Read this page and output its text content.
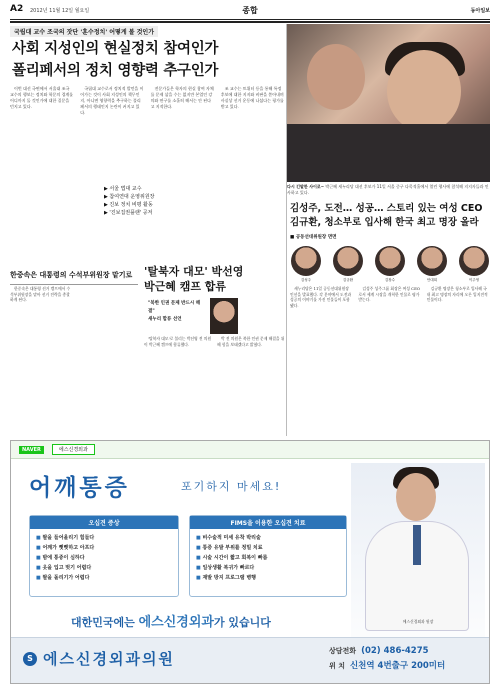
A2 2012년 11월 12일 월요일	종합	동아일보
국립대 교수 조국의 잣단 '훈수정치' 어떻게 볼 것인가
사회 지성인의 현실정치 참여인가
폴리페서의 정치 영향력 추구인가

이번 대선 국면에서 서울대 조국 교수의 행보는 정치와 학문의 경계를 어디까지 둘 것인가에 대한 질문을 던지고 있다.

국립대 교수로서 정치적 발언을 이어가는 것이 사회 지성인의 책무인지, 아니면 영향력을 추구하는 폴리페서의 행태인지 논란이 커지고 있다.

전문가들은 학자의 현실 참여 자체를 문제 삼을 수는 없지만 본업인 강의와 연구를 소홀히 해서는 안 된다고 지적한다.

조 교수는 트위터 등을 통해 특정 후보에 대한 지지와 비판을 쏟아내며 사실상 선거 운동에 나섰다는 평가를 받고 있다.

▶ 서울 법대 교수
▶ 참여연대 운영위원장
▶ 진보 정치 비평 활동
▶ '진보집권플랜' 공저
다시 긴말한 사이로~ 박근혜 새누리당 대선 후보가 11일 서울 중구 다목적홀에서 열린 행사에 참석해 지지자들과 인사하고 있다.
김성주, 도전… 성공… 스토리 있는 여성 CEO
김규환, 청소부로 입사해 한국 최고 명장 올라
■ 공동선대위원장 면면
김성주	김규환	김장수	안대희	이주영

새누리당은 11일 공동선대위원장 인선을 발표했다. 각 분야에서 도전과 성공의 이야기를 가진 인물들이 포함됐다.

김성주 성주그룹 회장은 여성 CEO로서 세계 시장을 개척한 인물로 평가받는다.

김규환 명장은 청소부로 입사해 국내 최고 명장의 자리에 오른 입지전적 인물이다.

한중속은 대통령의 수석부위원장 맡기로

한중속은 대통령 선거 캠프에서 수석부위원장을 맡아 선거 전략을 총괄하게 된다.

'탈북자 대모' 박선영
박근혜 캠프 합류
"북한 인권 문제 반드시 해결"
새누리 합류 선언

'탈북자 대모'로 불리는 박선영 전 의원이 박근혜 캠프에 합류했다.

박 전 의원은 북한 인권 문제 해결을 위해 힘을 보태겠다고 밝혔다.

NAVER	에스신경외과
어깨통증	포기하지 마세요!
에스신경외과 원장
오십견 증상
■ 팔을 들어올리기 힘들다
■ 어깨가 뻣뻣하고 아프다
■ 밤에 통증이 심하다
■ 옷을 입고 벗기 어렵다
■ 팔을 돌리기가 어렵다
FIMS을 이용한 오십견 치료
■ 비수술적 미세 유착 박리술
■ 통증 유발 부위를 정밀 치료
■ 시술 시간이 짧고 회복이 빠름
■ 일상생활 복귀가 빠르다
■ 재발 방지 프로그램 병행
대한민국에는 에스신경외과가 있습니다
S 에스신경외과의원	상담전화 (02) 486-4275
위 치 신천역 4번출구 200미터
